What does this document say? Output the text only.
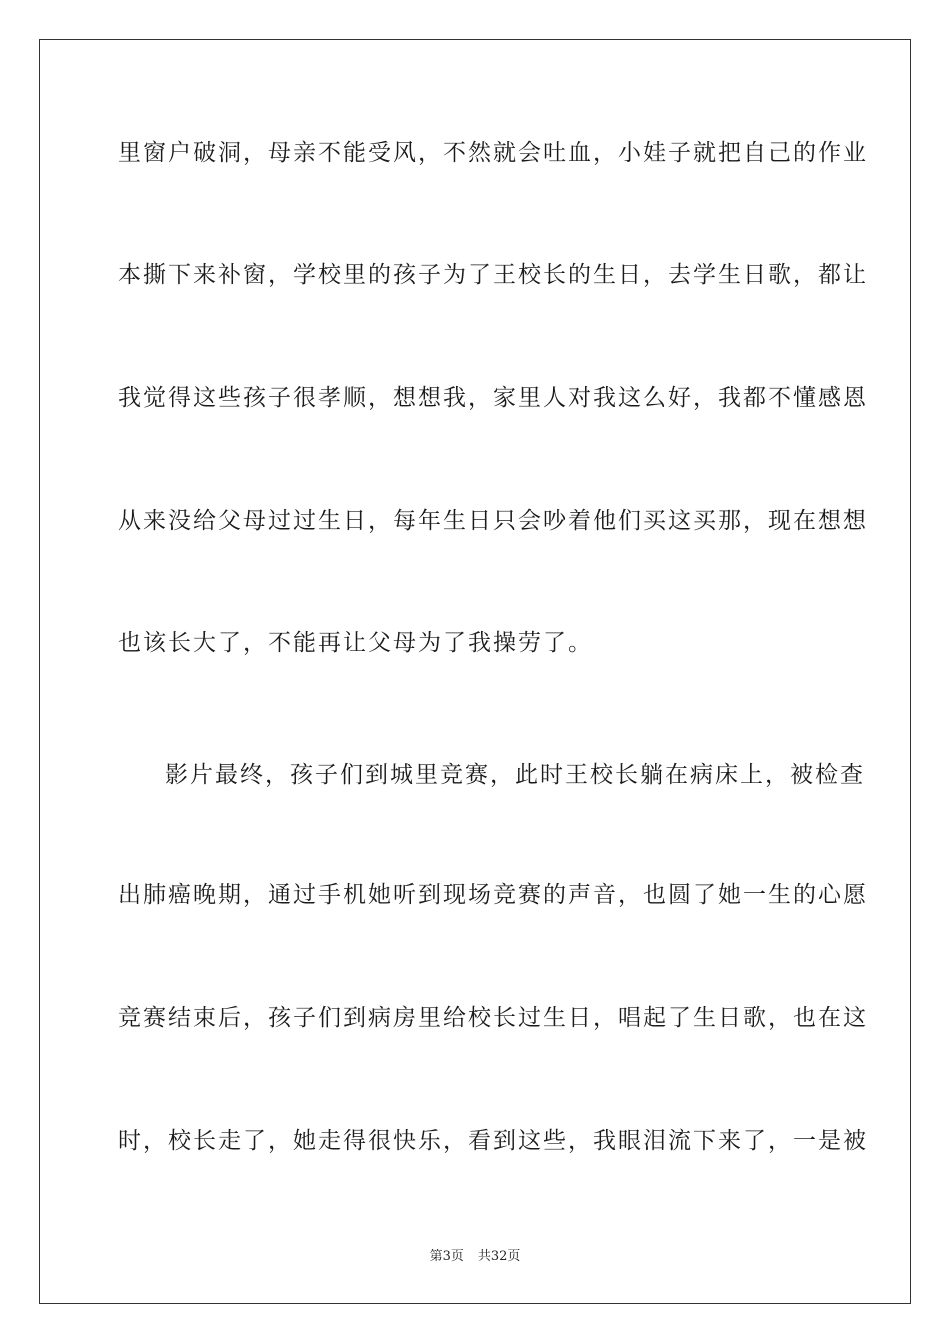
里窗户破洞，母亲不能受风，不然就会吐血，小娃子就把自己的作业
本撕下来补窗，学校里的孩子为了王校长的生日，去学生日歌，都让
我觉得这些孩子很孝顺，想想我，家里人对我这么好，我都不懂感恩
从来没给父母过过生日，每年生日只会吵着他们买这买那，现在想想
也该长大了，不能再让父母为了我操劳了。
影片最终，孩子们到城里竞赛，此时王校长躺在病床上，被检查
出肺癌晚期，通过手机她听到现场竞赛的声音，也圆了她一生的心愿
竞赛结束后，孩子们到病房里给校长过生日，唱起了生日歌，也在这
时，校长走了，她走得很快乐，看到这些，我眼泪流下来了，一是被
第3页 共32页
